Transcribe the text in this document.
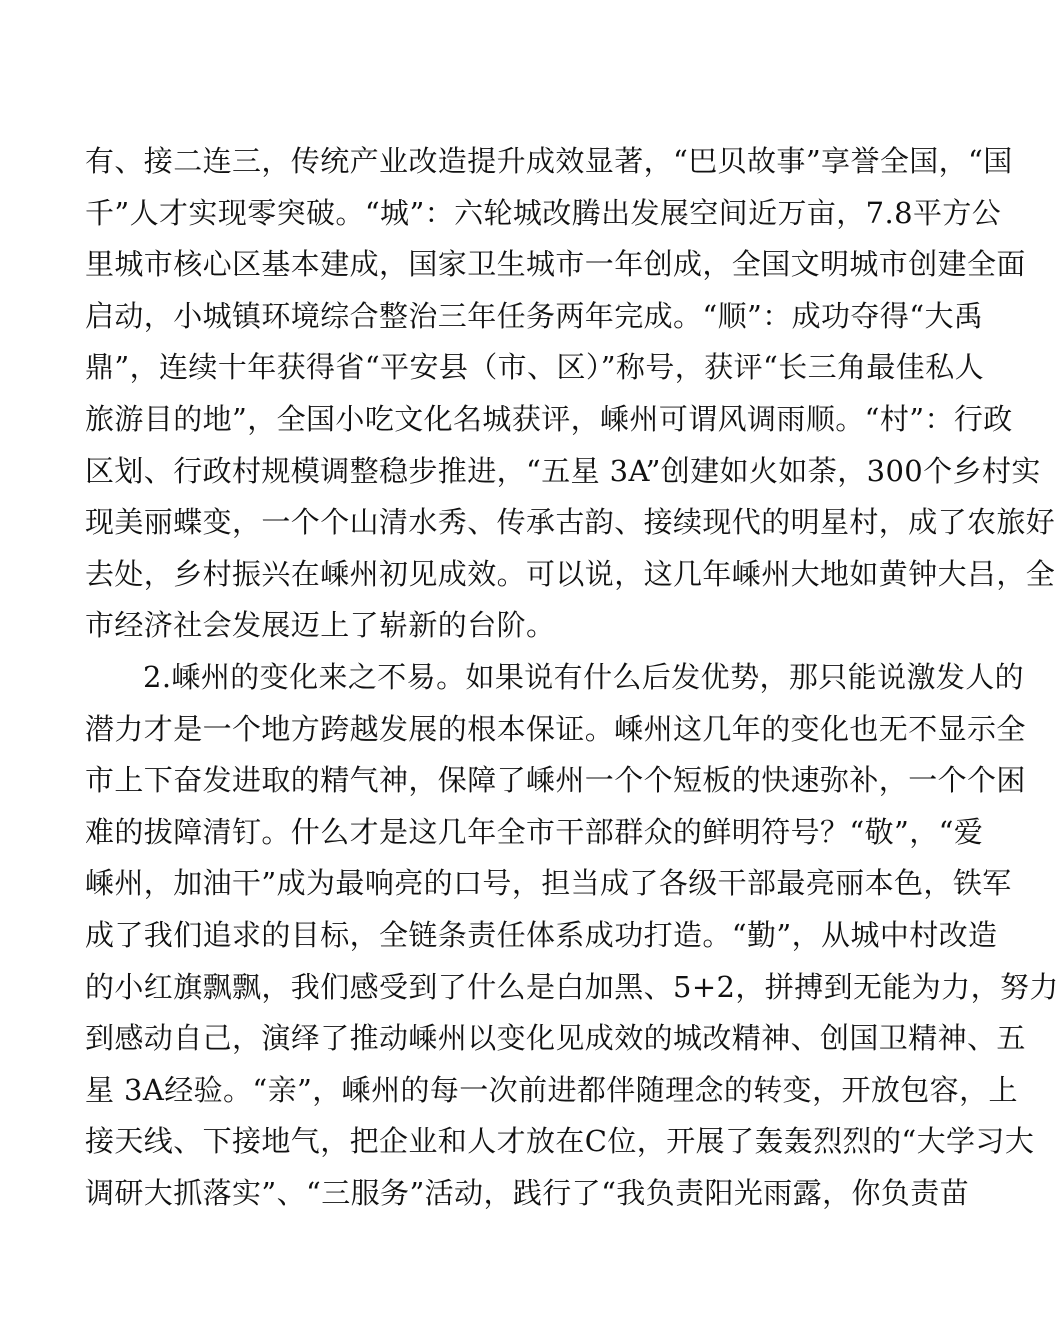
有、接二连三，传统产业改造提升成效显著，“巴贝故事”享誉全国，“国
千”人才实现零突破。“城”：六轮城改腾出发展空间近万亩，7.8平方公
里城市核心区基本建成，国家卫生城市一年创成，全国文明城市创建全面
启动，小城镇环境综合整治三年任务两年完成。“顺”：成功夺得“大禹
鼎”，连续十年获得省“平安县（市、区）”称号，获评“长三角最佳私人
旅游目的地”，全国小吃文化名城获评，嵊州可谓风调雨顺。“村”：行政
区划、行政村规模调整稳步推进，“五星 3A”创建如火如荼，300个乡村实
现美丽蝶变，一个个山清水秀、传承古韵、接续现代的明星村，成了农旅好
去处，乡村振兴在嵊州初见成效。可以说，这几年嵊州大地如黄钟大吕，全
市经济社会发展迈上了崭新的台阶。
2.嵊州的变化来之不易。如果说有什么后发优势，那只能说激发人的
潜力才是一个地方跨越发展的根本保证。嵊州这几年的变化也无不显示全
市上下奋发进取的精气神，保障了嵊州一个个短板的快速弥补，一个个困
难的拔障清钉。什么才是这几年全市干部群众的鲜明符号？“敬”，“爱
嵊州，加油干”成为最响亮的口号，担当成了各级干部最亮丽本色，铁军
成了我们追求的目标，全链条责任体系成功打造。“勤”，从城中村改造
的小红旗飘飘，我们感受到了什么是白加黑、5+2，拼搏到无能为力，努力
到感动自己，演绎了推动嵊州以变化见成效的城改精神、创国卫精神、五
星 3A经验。“亲”，嵊州的每一次前进都伴随理念的转变，开放包容，上
接天线、下接地气，把企业和人才放在C位，开展了轰轰烈烈的“大学习大
调研大抓落实”、“三服务”活动，践行了“我负责阳光雨露，你负责苗
